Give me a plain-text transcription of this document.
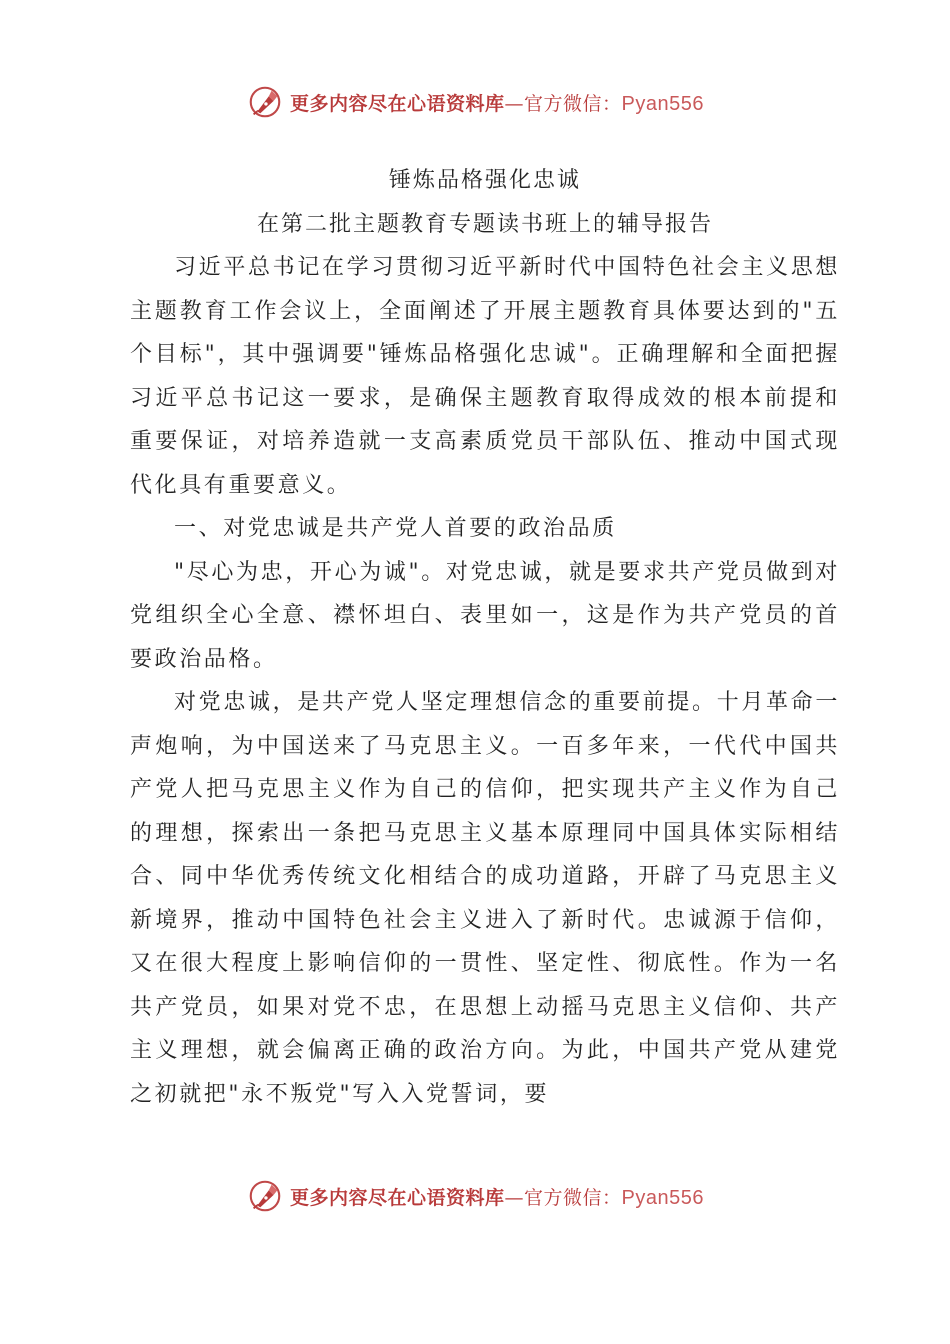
更多内容尽在心语资料库—官方微信：Pyan556
锤炼品格强化忠诚
在第二批主题教育专题读书班上的辅导报告

习近平总书记在学习贯彻习近平新时代中国特色社会主义思想主题教育工作会议上，全面阐述了开展主题教育具体要达到的"五个目标"，其中强调要"锤炼品格强化忠诚"。正确理解和全面把握习近平总书记这一要求，是确保主题教育取得成效的根本前提和重要保证，对培养造就一支高素质党员干部队伍、推动中国式现代化具有重要意义。

一、对党忠诚是共产党人首要的政治品质

"尽心为忠，开心为诚"。对党忠诚，就是要求共产党员做到对党组织全心全意、襟怀坦白、表里如一，这是作为共产党员的首要政治品格。

对党忠诚，是共产党人坚定理想信念的重要前提。十月革命一声炮响，为中国送来了马克思主义。一百多年来，一代代中国共产党人把马克思主义作为自己的信仰，把实现共产主义作为自己的理想，探索出一条把马克思主义基本原理同中国具体实际相结合、同中华优秀传统文化相结合的成功道路，开辟了马克思主义新境界，推动中国特色社会主义进入了新时代。忠诚源于信仰，又在很大程度上影响信仰的一贯性、坚定性、彻底性。作为一名共产党员，如果对党不忠，在思想上动摇马克思主义信仰、共产主义理想，就会偏离正确的政治方向。为此，中国共产党从建党之初就把"永不叛党"写入入党誓词，要

更多内容尽在心语资料库—官方微信：Pyan556
